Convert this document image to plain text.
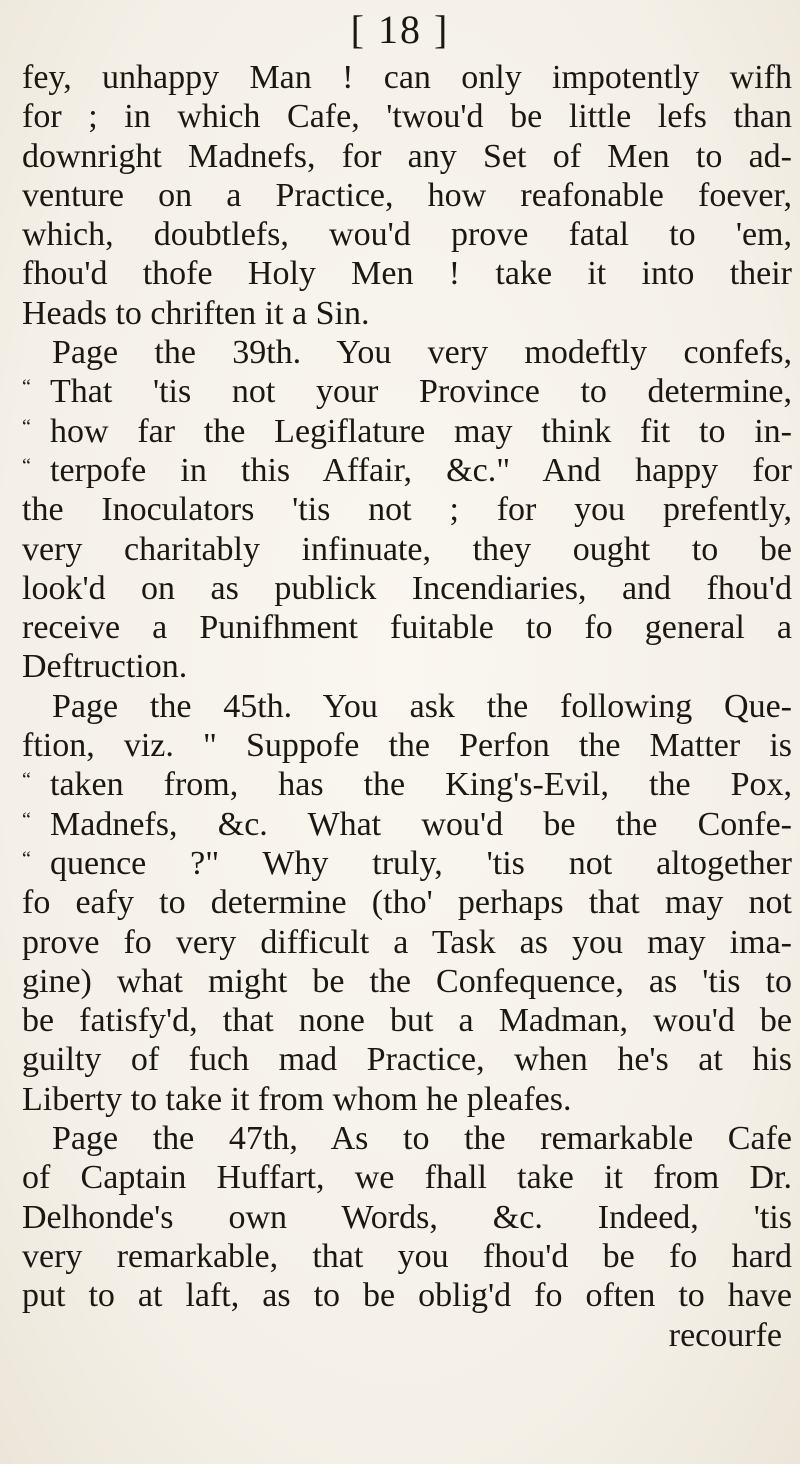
[ 18 ]
fey, unhappy Man ! can only impotently wifh
for ; in which Cafe, 'twou'd be little lefs than
downright Madnefs, for any Set of Men to ad-
venture on a Practice, how reafonable foever,
which, doubtlefs, wou'd prove fatal to 'em,
fhou'd thofe Holy Men ! take it into their
Heads to chriften it a Sin.
Page the 39th. You very modeftly confefs,
“ That 'tis not your Province to determine,
“ how far the Legiflature may think fit to in-
“ terpofe in this Affair, &c." And happy for
the Inoculators 'tis not ; for you prefently,
very charitably infinuate, they ought to be
look'd on as publick Incendiaries, and fhou'd
receive a Punifhment fuitable to fo general a
Deftruction.
Page the 45th. You ask the following Que-
ftion, viz. " Suppofe the Perfon the Matter is
“ taken from, has the King's-Evil, the Pox,
“ Madnefs, &c. What wou'd be the Confe-
“ quence ?" Why truly, 'tis not altogether
fo eafy to determine (tho' perhaps that may not
prove fo very difficult a Task as you may ima-
gine) what might be the Confequence, as 'tis to
be fatisfy'd, that none but a Madman, wou'd be
guilty of fuch mad Practice, when he's at his
Liberty to take it from whom he pleafes.
Page the 47th, As to the remarkable Cafe
of Captain Huffart, we fhall take it from Dr.
Delhonde's own Words, &c. Indeed, 'tis
very remarkable, that you fhou'd be fo hard
put to at laft, as to be oblig'd fo often to have
recourfe
